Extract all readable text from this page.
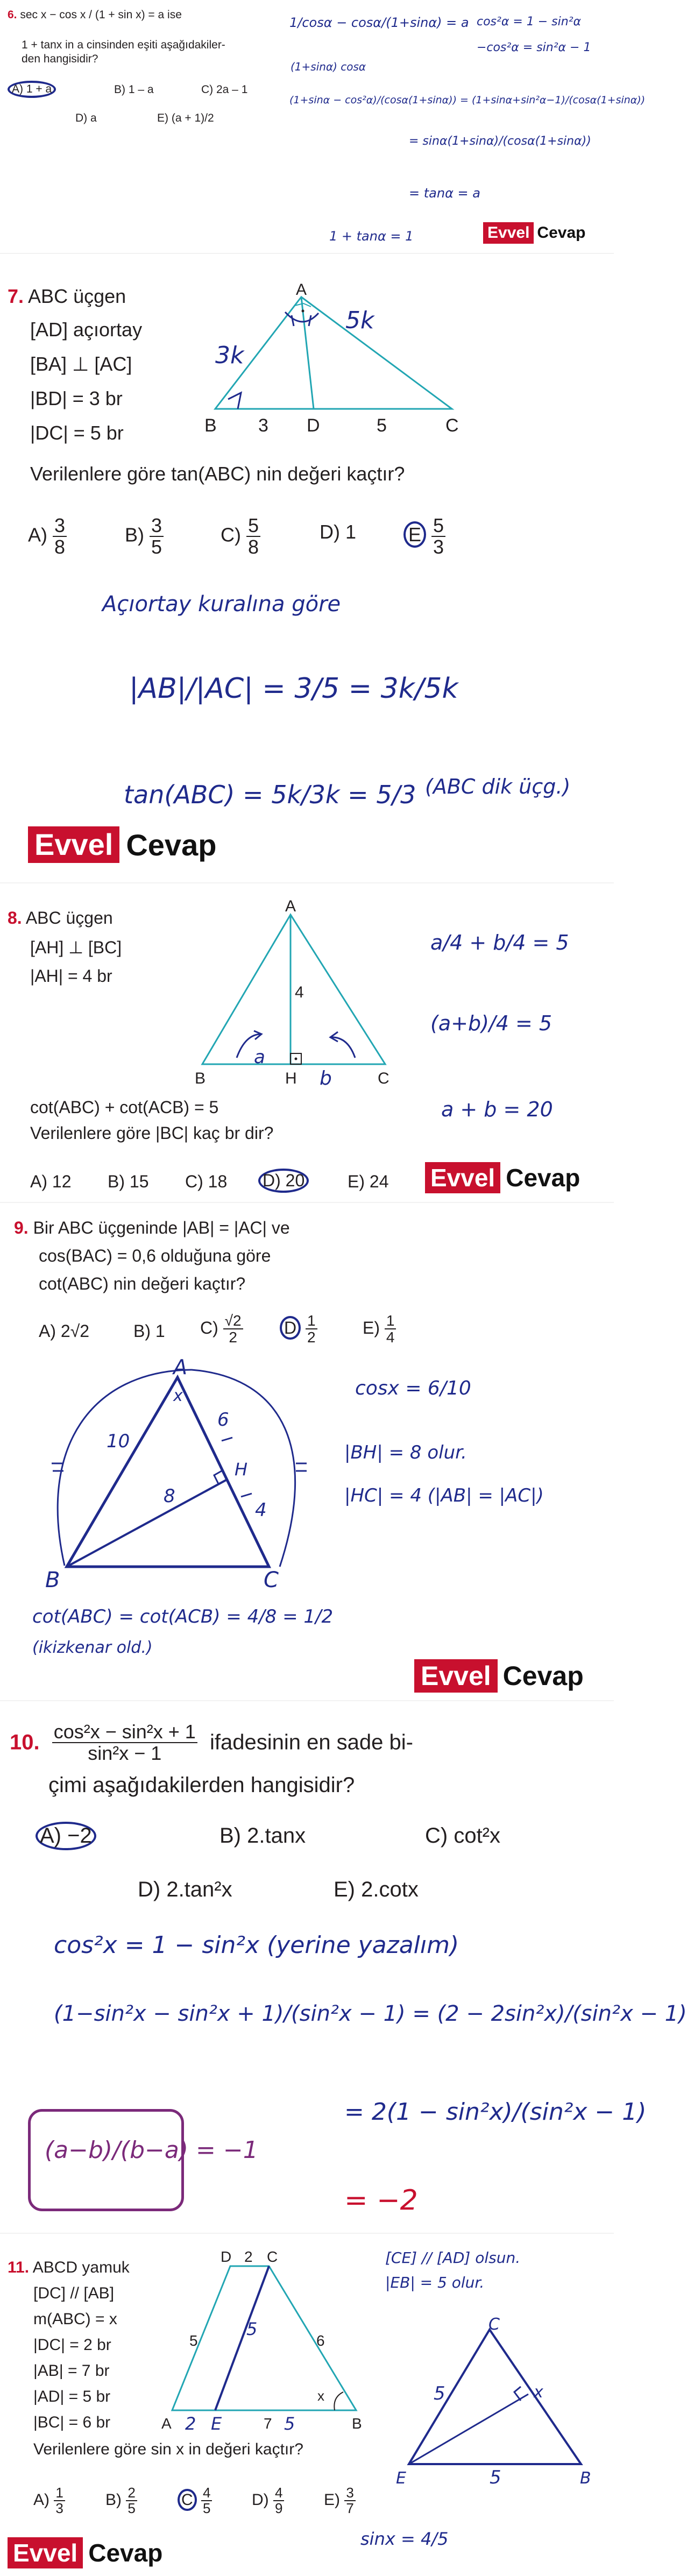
6. sec x − cos x / (1 + sin x) = a ise
1 + tanx in a cinsinden eşiti aşağıdakiler-
den hangisidir?
A) 1 + a	B) 1 – a	C) 2a – 1
D) a	E) (a + 1)/2
1/cosα − cosα/(1+sinα) = a cos²α = 1 − sin²α
−cos²α = sin²α − 1
(1+sinα) cosα
(1+sinα − cos²α)/(cosα(1+sinα)) = (1+sinα+sin²α−1)/(cosα(1+sinα))
= sinα(1+sinα)/(cosα(1+sinα))
= tanα = a
1 + tanα = 1	Evvel Cevap
7. ABC üçgen
[AD] açıortay
[BA] ⊥ [AC]
|BD| = 3 br
|DC| = 5 br
Verilenlere göre tan(ABC) nin değeri kaçtır?
A
B 3 D	5	C
3k
5k
$A) \frac{3}{8}$	$B) \frac{3}{5}$	$C) \frac{5}{8}$	D) 1	E $\frac{5}{3}$
Açıortay kuralına göre
|AB|/|AC| = 3/5 = 3k/5k
tan(ABC) = 5k/3k = 5/3 (ABC dik üçg.)
Evvel Cevap
8. ABC üçgen
[AH] ⊥ [BC]
|AH| = 4 br
cot(ABC) + cot(ACB) = 5
Verilenlere göre |BC| kaç br dir?
A
4
B	H	C
a
b
a/4 + b/4 = 5
(a+b)/4 = 5
a + b = 20
A) 12 B) 15 C) 18 D) 20 E) 24 Evvel Cevap
9. Bir ABC üçgeninde |AB| = |AC| ve
cos(BAC) = 0,6 olduğuna göre
cot(ABC) nin değeri kaçtır?
A) 2√2	B) 1 $C) \frac{√2}{2}$ D $\frac{1}{2}$	$E) \frac{1}{4}$
A
B	C
H
x
10
6
8
4
cosx = 6/10
|BH| = 8 olur.
|HC| = 4 (|AB| = |AC|)
cot(ABC) = cot(ACB) = 4/8 = 1/2
(ikizkenar old.)
Evvel Cevap
10. $\frac{\text{cos²x − sin²x + 1}}{\text{sin²x − 1}}$ ifadesinin en sade bi-
çimi aşağıdakilerden hangisidir?
A) −2	B) 2.tanx	C) cot²x
D) 2.tan²x	E) 2.cotx
cos²x = 1 − sin²x (yerine yazalım)
(1−sin²x − sin²x + 1)/(sin²x − 1) = (2 − 2sin²x)/(sin²x − 1)
= 2(1 − sin²x)/(sin²x − 1)
(a−b)/(b−a) = −1
= −2
11. ABCD yamuk
[DC] // [AB]
m(ABC) = x
|DC| = 2 br
|AB| = 7 br
|AD| = 5 br
|BC| = 6 br
Verilenlere göre sin x in değeri kaçtır?
D 2 C
5	6
x
A	7	B
2 E	5
5	C
E	B
5
5
x
[CE] // [AD] olsun.
|EB| = 5 olur.
sinx = 4/5
$A) \frac{1}{3}$	$B) \frac{2}{5}$	C $\frac{4}{5} D) \frac{4}{9} E) \frac{3}{7}$
Evvel Cevap
